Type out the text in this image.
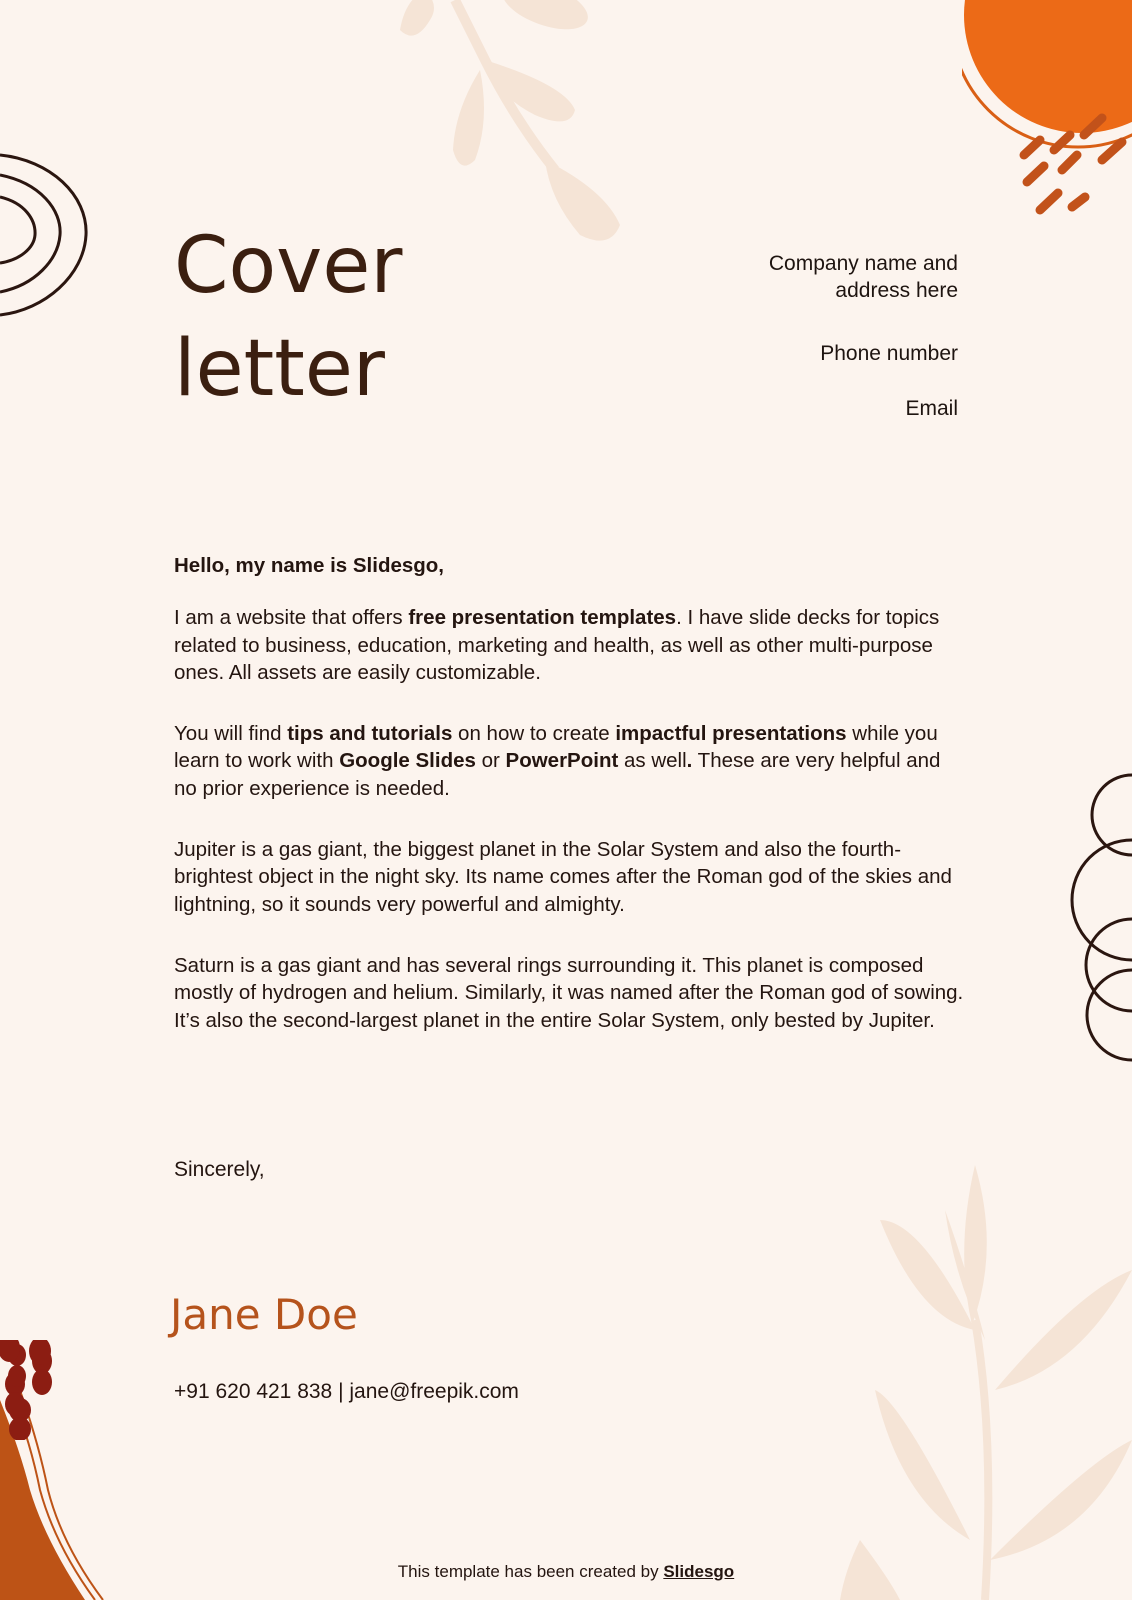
Cover
letter

Company name and
address here

Phone number

Email

Hello, my name is Slidesgo,

I am a website that offers free presentation templates. I have slide decks for topics related to business, education, marketing and health, as well as other multi-purpose ones. All assets are easily customizable.

You will find tips and tutorials on how to create impactful presentations while you learn to work with Google Slides or PowerPoint as well. These are very helpful and no prior experience is needed.

Jupiter is a gas giant, the biggest planet in the Solar System and also the fourth-brightest object in the night sky. Its name comes after the Roman god of the skies and lightning, so it sounds very powerful and almighty.

Saturn is a gas giant and has several rings surrounding it. This planet is composed mostly of hydrogen and helium. Similarly, it was named after the Roman god of sowing. It’s also the second-largest planet in the entire Solar System, only bested by Jupiter.

Sincerely,
Jane Doe
+91 620 421 838 | jane@freepik.com
This template has been created by Slidesgo
